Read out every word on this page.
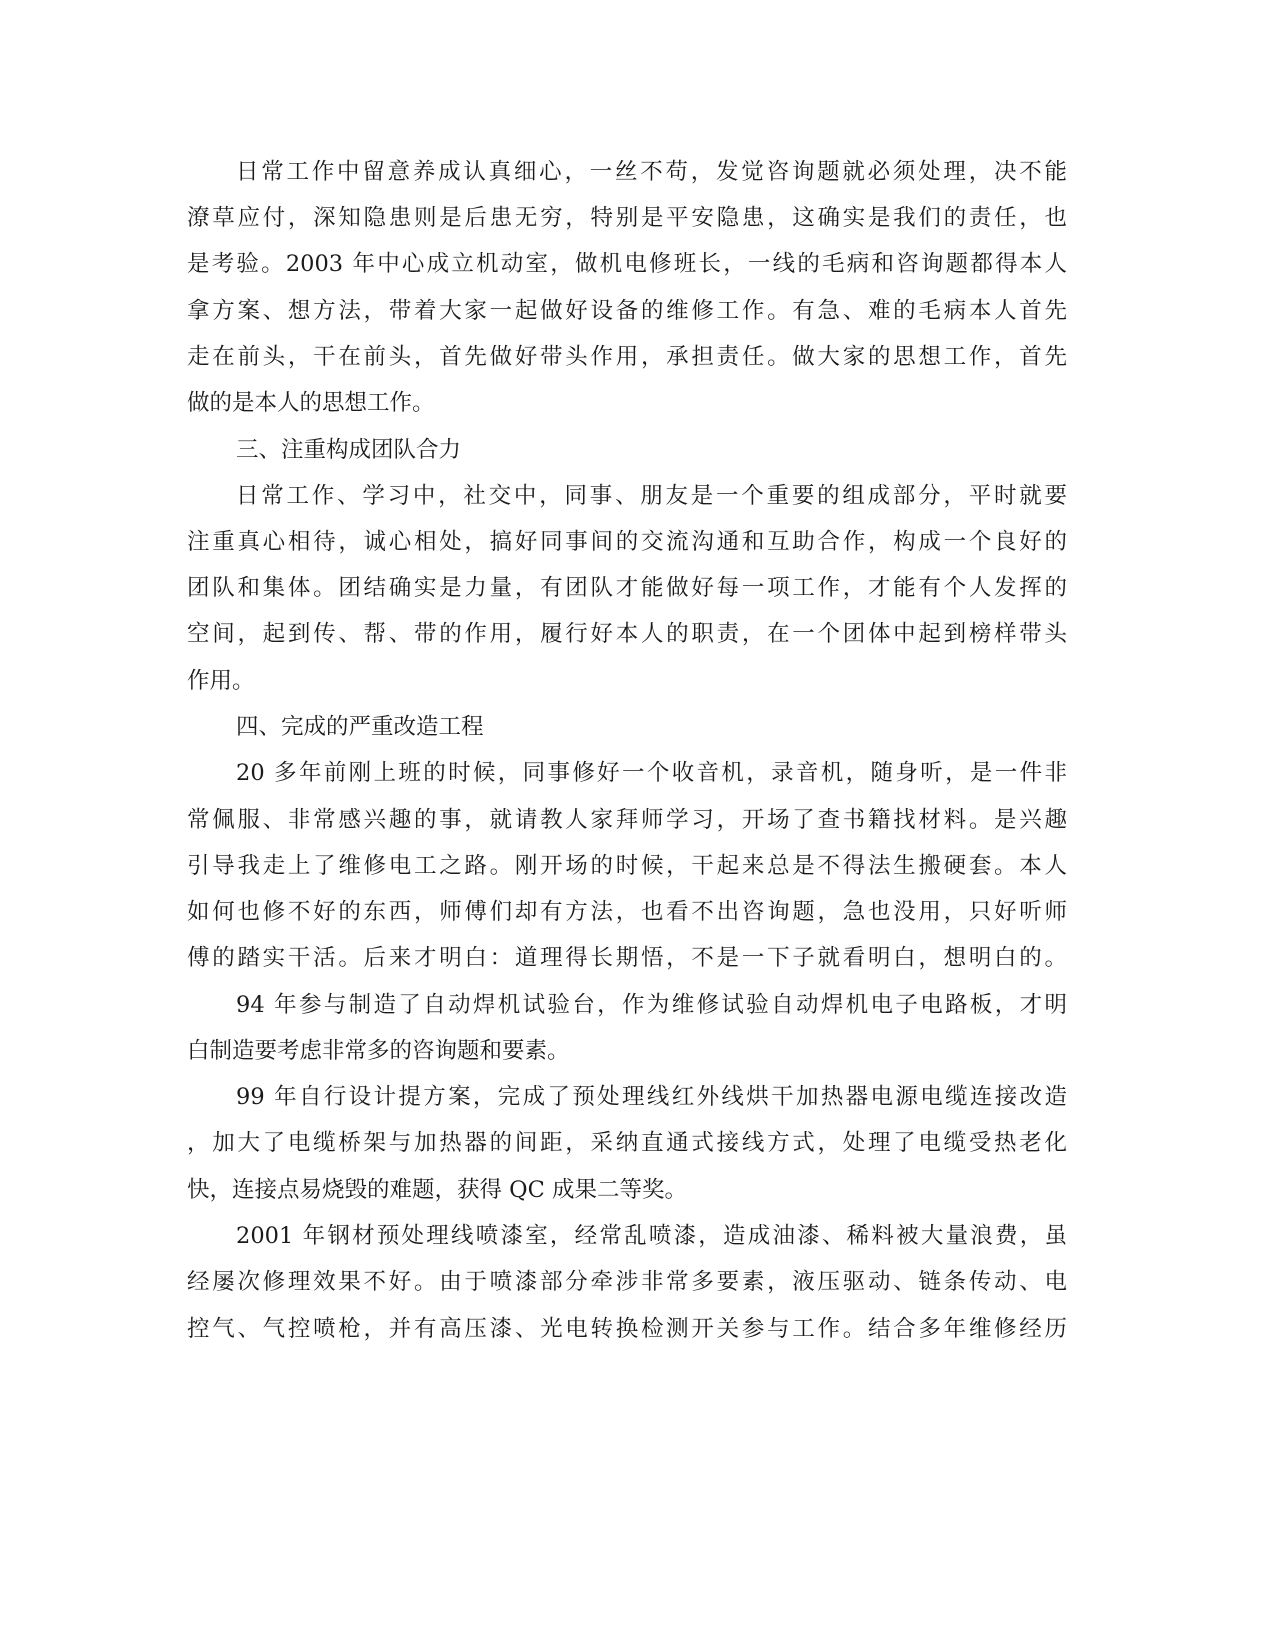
日常工作中留意养成认真细心，一丝不苟，发觉咨询题就必须处理，决不能
潦草应付，深知隐患则是后患无穷，特别是平安隐患，这确实是我们的责任，也
是考验。2003 年中心成立机动室，做机电修班长，一线的毛病和咨询题都得本人
拿方案、想方法，带着大家一起做好设备的维修工作。有急、难的毛病本人首先
走在前头，干在前头，首先做好带头作用，承担责任。做大家的思想工作，首先
做的是本人的思想工作。
三、注重构成团队合力
日常工作、学习中，社交中，同事、朋友是一个重要的组成部分，平时就要
注重真心相待，诚心相处，搞好同事间的交流沟通和互助合作，构成一个良好的
团队和集体。团结确实是力量，有团队才能做好每一项工作，才能有个人发挥的
空间，起到传、帮、带的作用，履行好本人的职责，在一个团体中起到榜样带头
作用。
四、完成的严重改造工程
20 多年前刚上班的时候，同事修好一个收音机，录音机，随身听，是一件非
常佩服、非常感兴趣的事，就请教人家拜师学习，开场了查书籍找材料。是兴趣
引导我走上了维修电工之路。刚开场的时候，干起来总是不得法生搬硬套。本人
如何也修不好的东西，师傅们却有方法，也看不出咨询题，急也没用，只好听师
傅的踏实干活。后来才明白：道理得长期悟，不是一下子就看明白，想明白的。
94 年参与制造了自动焊机试验台，作为维修试验自动焊机电子电路板，才明
白制造要考虑非常多的咨询题和要素。
99 年自行设计提方案，完成了预处理线红外线烘干加热器电源电缆连接改造
，加大了电缆桥架与加热器的间距，采纳直通式接线方式，处理了电缆受热老化
快，连接点易烧毁的难题，获得 QC 成果二等奖。
2001 年钢材预处理线喷漆室，经常乱喷漆，造成油漆、稀料被大量浪费，虽
经屡次修理效果不好。由于喷漆部分牵涉非常多要素，液压驱动、链条传动、电
控气、气控喷枪，并有高压漆、光电转换检测开关参与工作。结合多年维修经历
